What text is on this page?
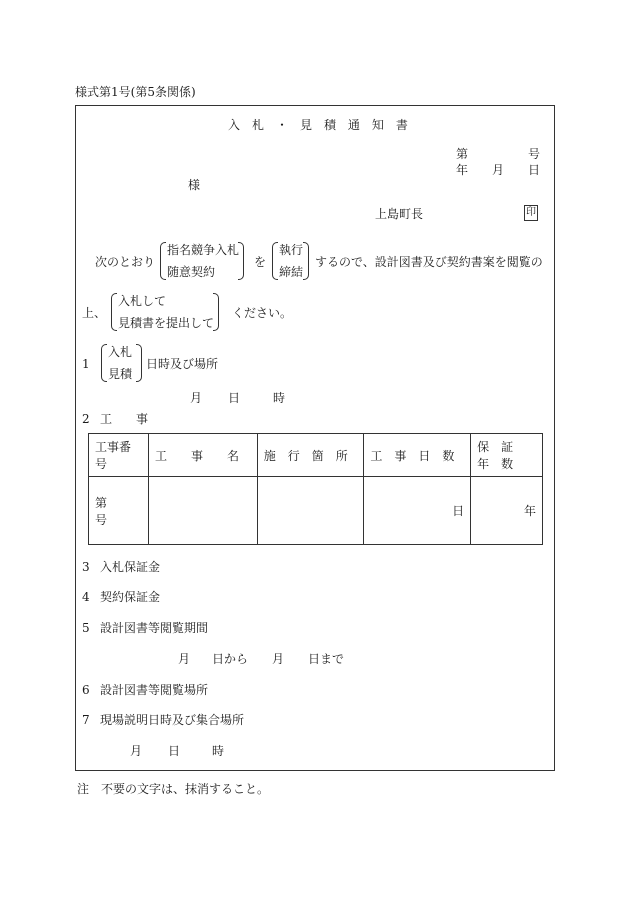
様式第1号(第5条関係)
入 札 ・ 見 積 通 知 書
第	号
年 月 日
様
上島町長	印
次のとおり
指名競争入札
随意契約
を
執行
締結
するので、設計図書及び契約書案を閲覧の
上、
入札して
見積書を提出して
ください。
1
入札
見積
日時及び場所
月 日	時
2 工　　事
工事番号	工　　事　　名	施　行　箇　所	工　事　日　数	保　証　年　数
第　　号			日	年
3 入札保証金
4 契約保証金
5 設計図書等閲覧期間
月 日から 月 日まで
6 設計図書等閲覧場所
7 現場説明日時及び集合場所
月 日	時
注　不要の文字は、抹消すること。
